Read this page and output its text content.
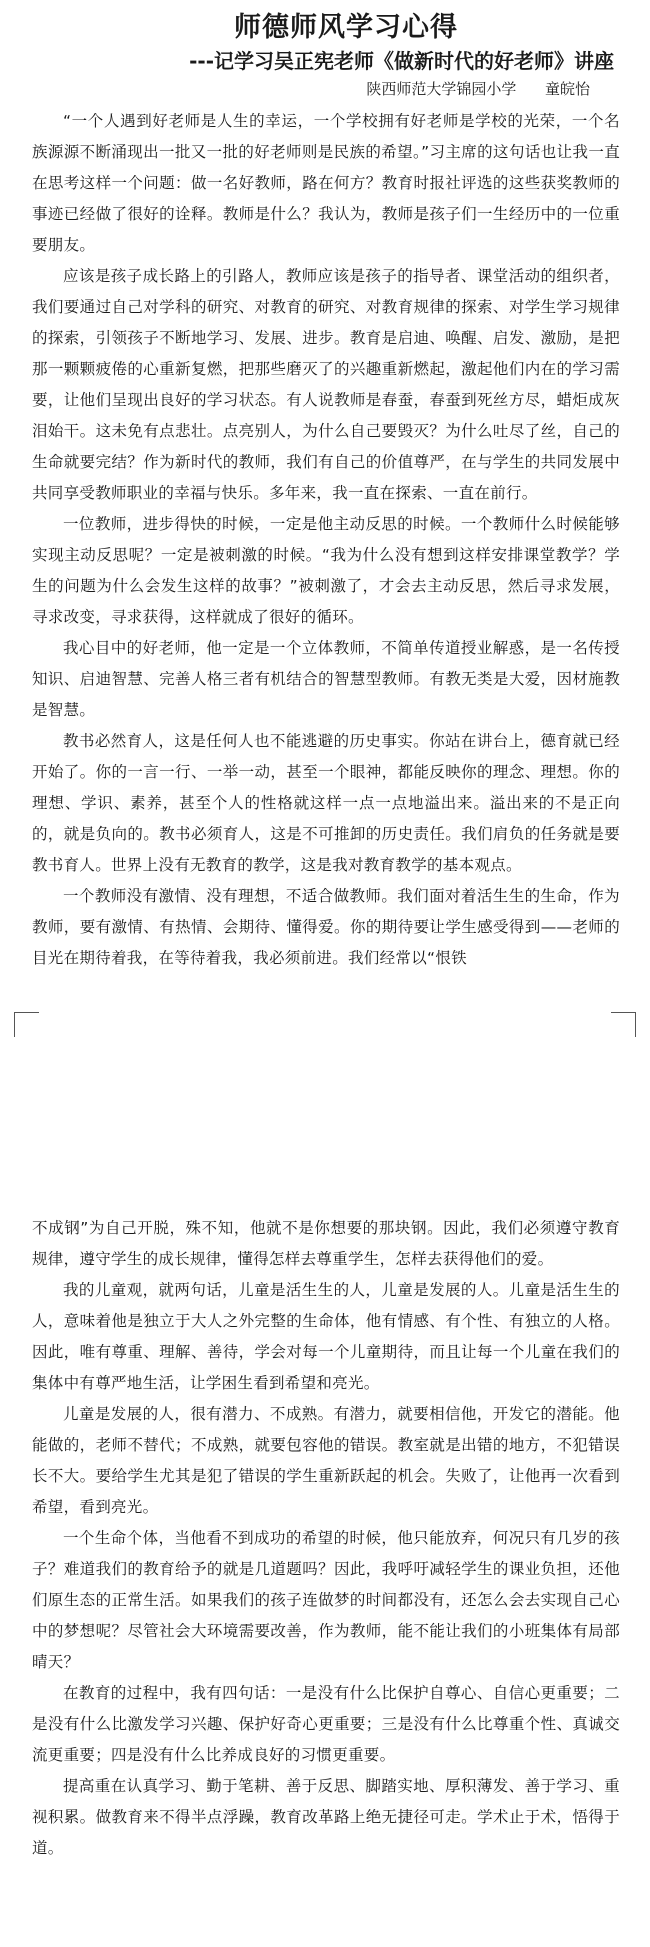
师德师风学习心得
---记学习吴正宪老师《做新时代的好老师》讲座

陕西师范大学锦园小学      童皖怡

“一个人遇到好老师是人生的幸运，一个学校拥有好老师是学校的光荣，一个名族源源不断涌现出一批又一批的好老师则是民族的希望。”习主席的这句话也让我一直在思考这样一个问题：做一名好教师，路在何方？教育时报社评选的这些获奖教师的事迹已经做了很好的诠释。教师是什么？我认为，教师是孩子们一生经历中的一位重要朋友。

应该是孩子成长路上的引路人，教师应该是孩子的指导者、课堂活动的组织者，我们要通过自己对学科的研究、对教育的研究、对教育规律的探索、对学生学习规律的探索，引领孩子不断地学习、发展、进步。教育是启迪、唤醒、启发、激励，是把那一颗颗疲倦的心重新复燃，把那些磨灭了的兴趣重新燃起，激起他们内在的学习需要，让他们呈现出良好的学习状态。有人说教师是春蚕，春蚕到死丝方尽，蜡炬成灰泪始干。这未免有点悲壮。点亮别人，为什么自己要毁灭？为什么吐尽了丝，自己的生命就要完结？作为新时代的教师，我们有自己的价值尊严，在与学生的共同发展中共同享受教师职业的幸福与快乐。多年来，我一直在探索、一直在前行。

一位教师，进步得快的时候，一定是他主动反思的时候。一个教师什么时候能够实现主动反思呢？一定是被刺激的时候。“我为什么没有想到这样安排课堂教学？学生的问题为什么会发生这样的故事？”被刺激了，才会去主动反思，然后寻求发展，寻求改变，寻求获得，这样就成了很好的循环。

我心目中的好老师，他一定是一个立体教师，不简单传道授业解惑，是一名传授知识、启迪智慧、完善人格三者有机结合的智慧型教师。有教无类是大爱，因材施教是智慧。

教书必然育人，这是任何人也不能逃避的历史事实。你站在讲台上，德育就已经开始了。你的一言一行、一举一动，甚至一个眼神，都能反映你的理念、理想。你的理想、学识、素养，甚至个人的性格就这样一点一点地溢出来。溢出来的不是正向的，就是负向的。教书必须育人，这是不可推卸的历史责任。我们肩负的任务就是要教书育人。世界上没有无教育的教学，这是我对教育教学的基本观点。

一个教师没有激情、没有理想，不适合做教师。我们面对着活生生的生命，作为教师，要有激情、有热情、会期待、懂得爱。你的期待要让学生感受得到——老师的目光在期待着我，在等待着我，我必须前进。我们经常以“恨铁

不成钢”为自己开脱，殊不知，他就不是你想要的那块钢。因此，我们必须遵守教育规律，遵守学生的成长规律，懂得怎样去尊重学生，怎样去获得他们的爱。

我的儿童观，就两句话，儿童是活生生的人，儿童是发展的人。儿童是活生生的人，意味着他是独立于大人之外完整的生命体，他有情感、有个性、有独立的人格。因此，唯有尊重、理解、善待，学会对每一个儿童期待，而且让每一个儿童在我们的集体中有尊严地生活，让学困生看到希望和亮光。

儿童是发展的人，很有潜力、不成熟。有潜力，就要相信他，开发它的潜能。他能做的，老师不替代；不成熟，就要包容他的错误。教室就是出错的地方，不犯错误长不大。要给学生尤其是犯了错误的学生重新跃起的机会。失败了，让他再一次看到希望，看到亮光。

一个生命个体，当他看不到成功的希望的时候，他只能放弃，何况只有几岁的孩子？难道我们的教育给予的就是几道题吗？因此，我呼吁减轻学生的课业负担，还他们原生态的正常生活。如果我们的孩子连做梦的时间都没有，还怎么会去实现自己心中的梦想呢？尽管社会大环境需要改善，作为教师，能不能让我们的小班集体有局部晴天？

在教育的过程中，我有四句话：一是没有什么比保护自尊心、自信心更重要；二是没有什么比激发学习兴趣、保护好奇心更重要；三是没有什么比尊重个性、真诚交流更重要；四是没有什么比养成良好的习惯更重要。

提高重在认真学习、勤于笔耕、善于反思、脚踏实地、厚积薄发、善于学习、重视积累。做教育来不得半点浮躁，教育改革路上绝无捷径可走。学术止于术，悟得于道。
